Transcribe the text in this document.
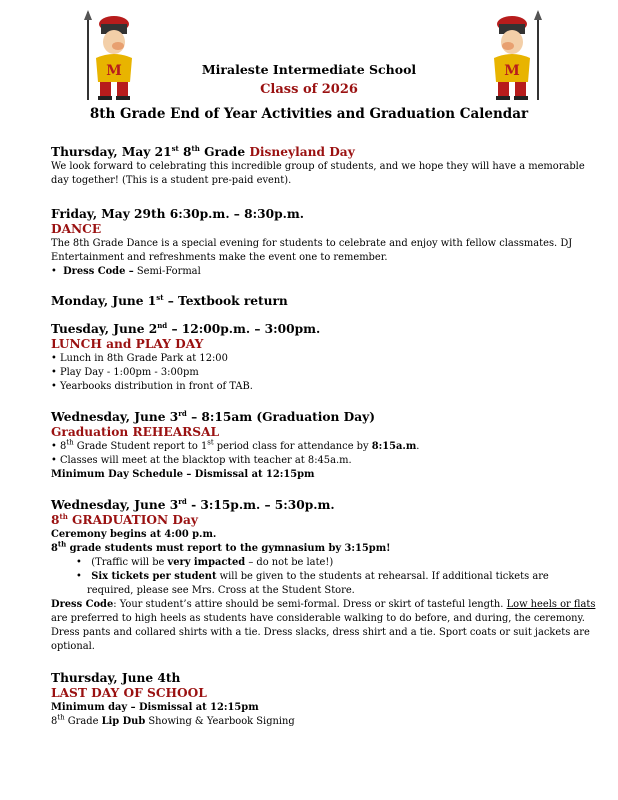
M	M
Miraleste Intermediate School
Class of 2026
8th Grade End of Year Activities and Graduation Calendar
Thursday, May 21st 8th Grade Disneyland Day
We look forward to celebrating this incredible group of students, and we hope they will have a memorable day together! (This is a student pre-paid event).
Friday, May 29th 6:30p.m. – 8:30p.m.
DANCE
The 8th Grade Dance is a special evening for students to celebrate and enjoy with fellow classmates. DJ Entertainment and refreshments make the event one to remember.
•  Dress Code – Semi-Formal
Monday, June 1st – Textbook return
Tuesday, June 2nd – 12:00p.m. – 3:00pm.
LUNCH and PLAY DAY
• Lunch in 8th Grade Park at 12:00
• Play Day - 1:00pm - 3:00pm
• Yearbooks distribution in front of TAB.
Wednesday, June 3rd – 8:15am (Graduation Day)
Graduation REHEARSAL
• 8th Grade Student report to 1st period class for attendance by 8:15a.m.
• Classes will meet at the blacktop with teacher at 8:45a.m.
Minimum Day Schedule – Dismissal at 12:15pm
Wednesday, June 3rd - 3:15p.m. – 5:30p.m.
8th GRADUATION Day
Ceremony begins at 4:00 p.m.
8th grade students must report to the gymnasium by 3:15pm!
•   (Traffic will be very impacted – do not be late!)
•   Six tickets per student will be given to the students at rehearsal. If additional tickets are required, please see Mrs. Cross at the Student Store.
Dress Code: Your student’s attire should be semi-formal. Dress or skirt of tasteful length. Low heels or flats are preferred to high heels as students have considerable walking to do before, and during, the ceremony. Dress pants and collared shirts with a tie. Dress slacks, dress shirt and a tie. Sport coats or suit jackets are optional.
Thursday, June 4th
LAST DAY OF SCHOOL
Minimum day – Dismissal at 12:15pm
8th Grade Lip Dub Showing & Yearbook Signing
